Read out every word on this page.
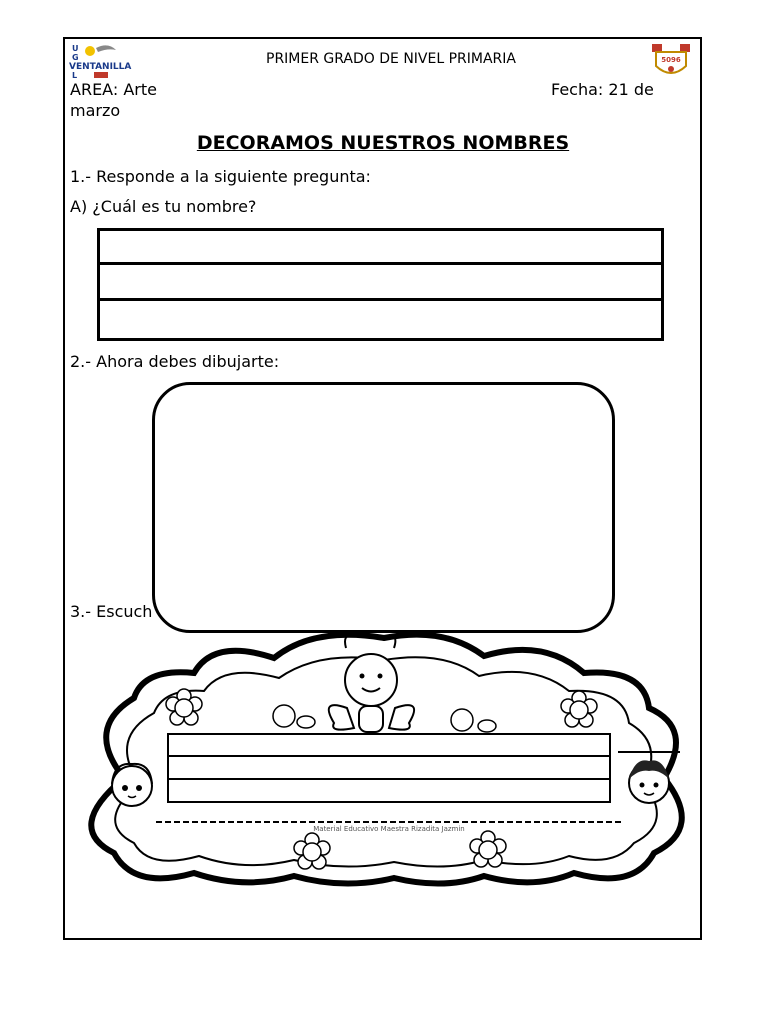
U
G
VENTANILLA
L
PRIMER GRADO DE NIVEL PRIMARIA	5096
AREA: Arte
marzo
Fecha: 21 de
DECORAMOS NUESTROS NOMBRES
1.- Responde a la siguiente pregunta:
A) ¿Cuál es tu nombre?
2.- Ahora debes dibujarte:
3.- Escuch
Material Educativo Maestra Rizadita Jazmin
